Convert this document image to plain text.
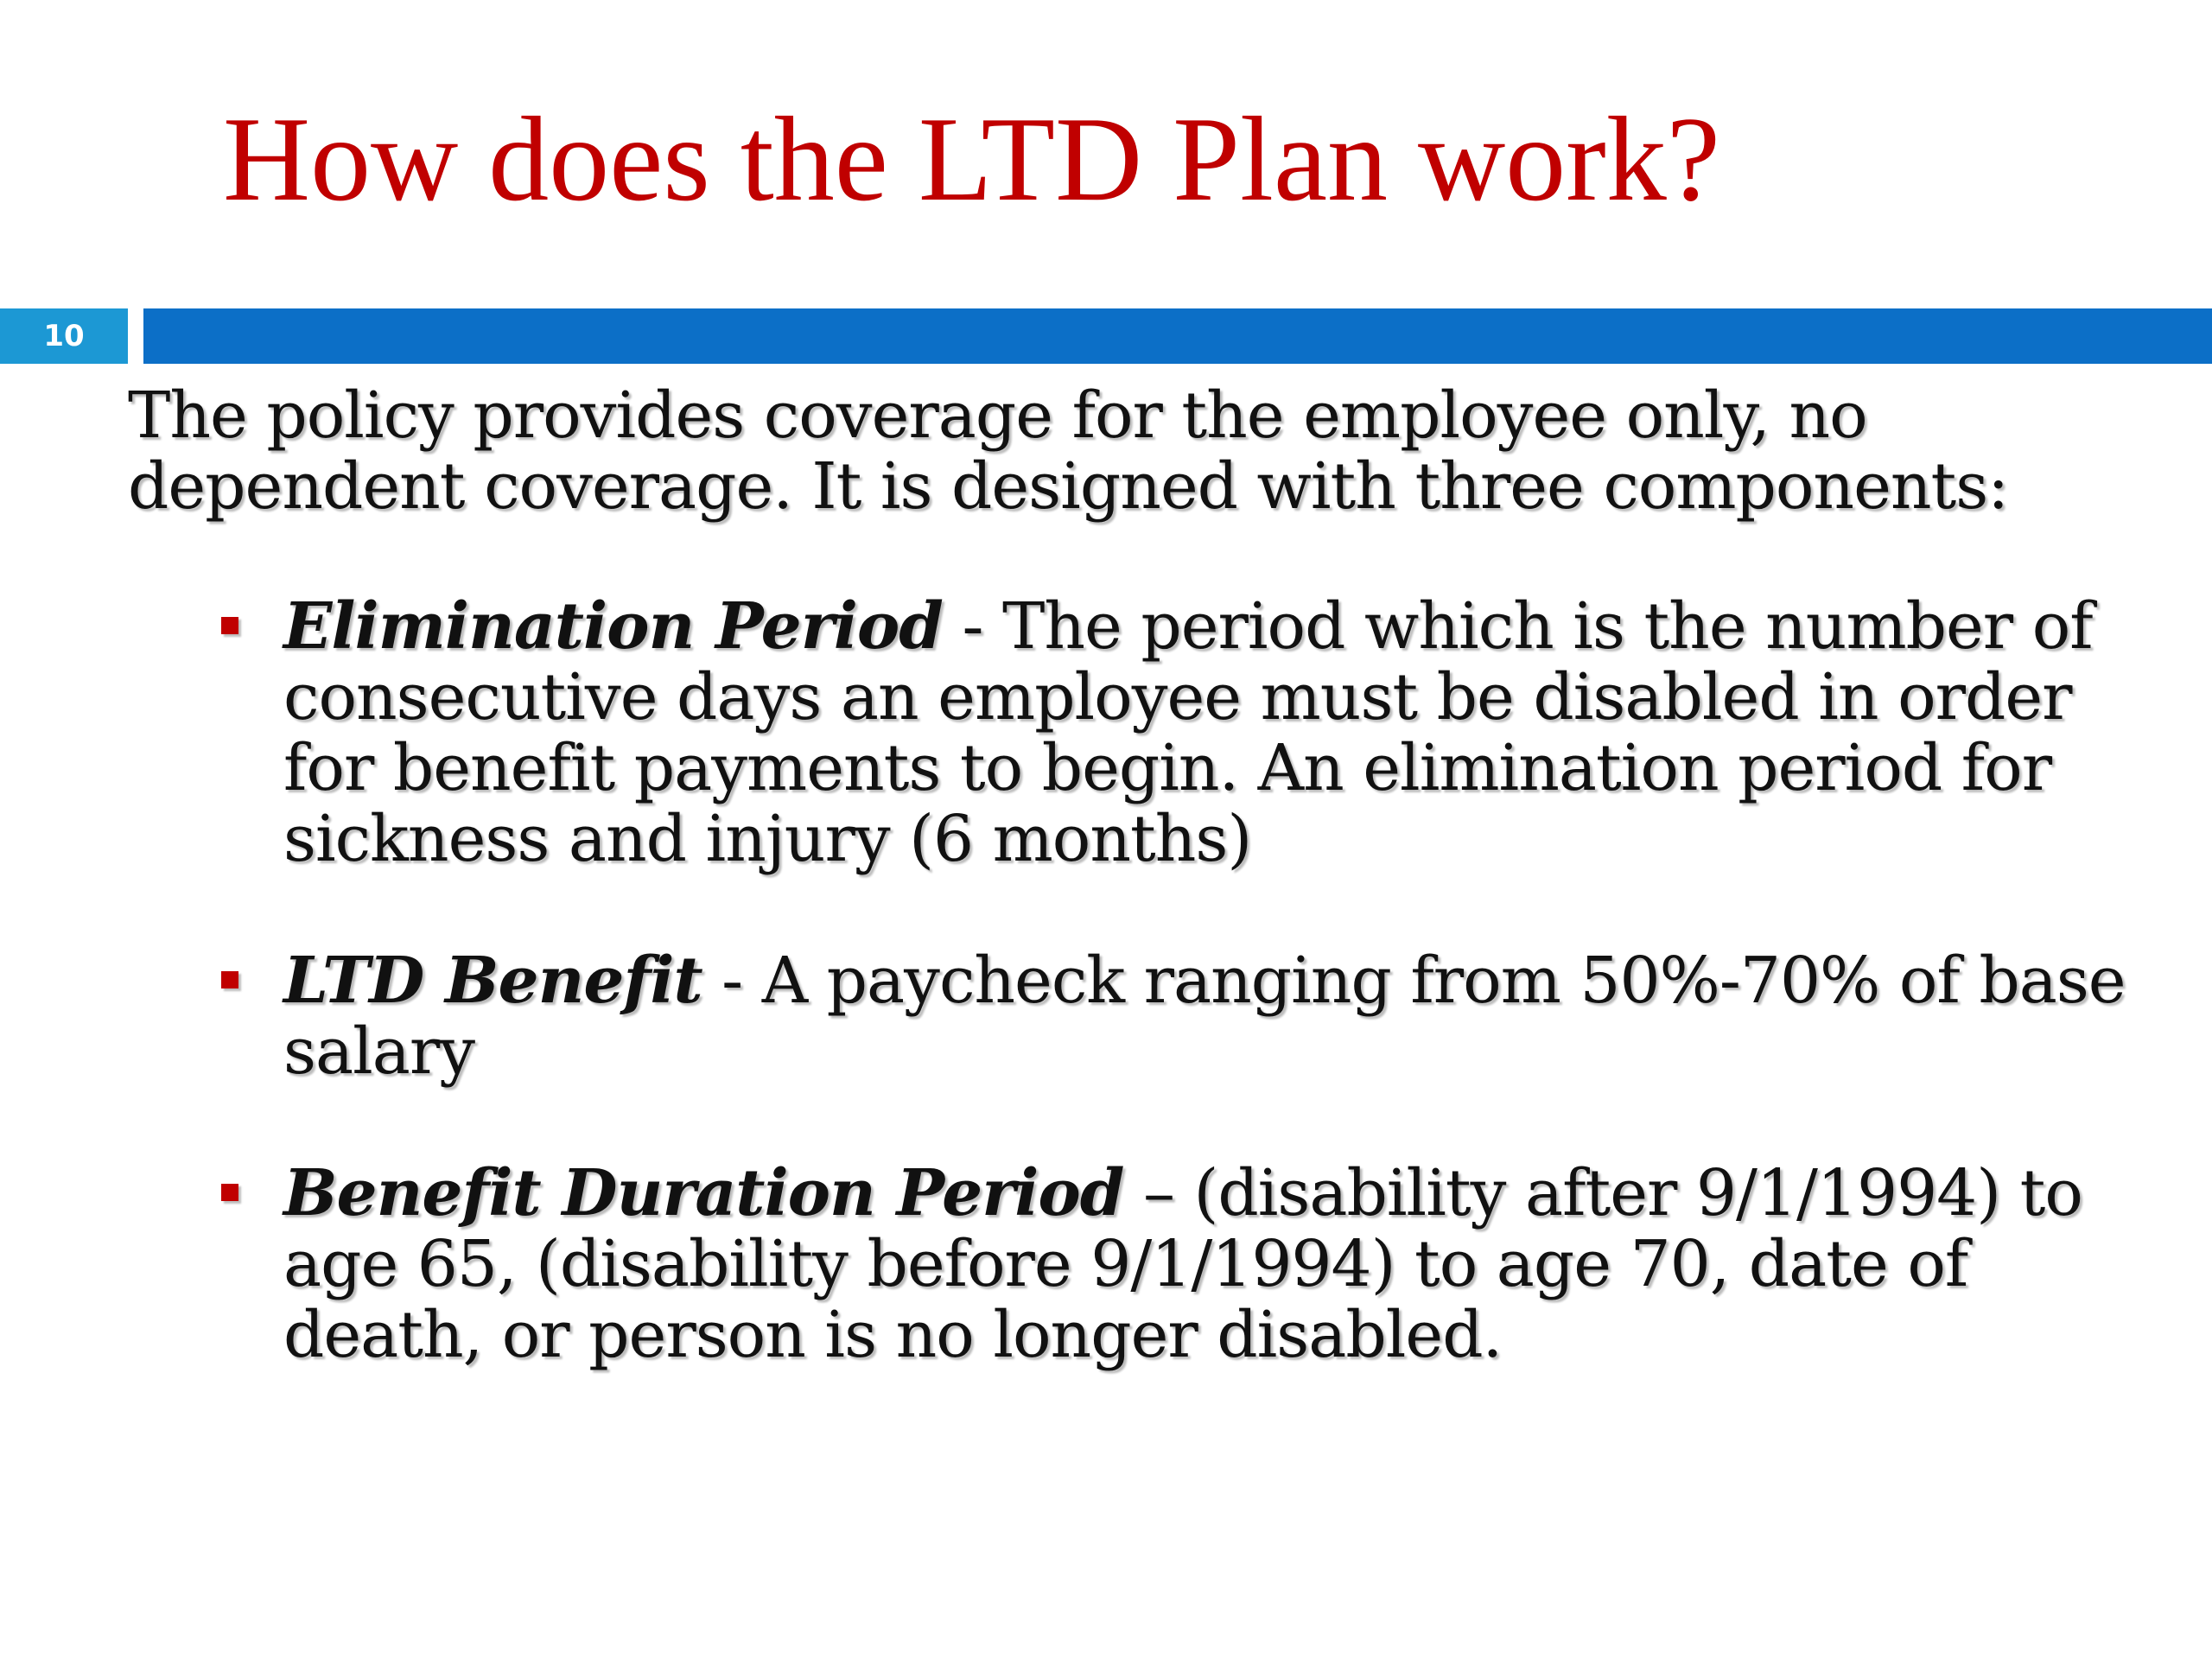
How does the LTD Plan work?
10

The policy provides coverage for the employee only, no dependent coverage. It is designed with three components:

Elimination Period - The period which is the number of consecutive days an employee must be disabled in order for benefit payments to begin. An elimination period for sickness and injury (6 months)
LTD Benefit - A paycheck ranging from 50%-70% of base salary
Benefit Duration Period – (disability after 9/1/1994) to age 65, (disability before 9/1/1994) to age 70, date of death, or person is no longer disabled.
